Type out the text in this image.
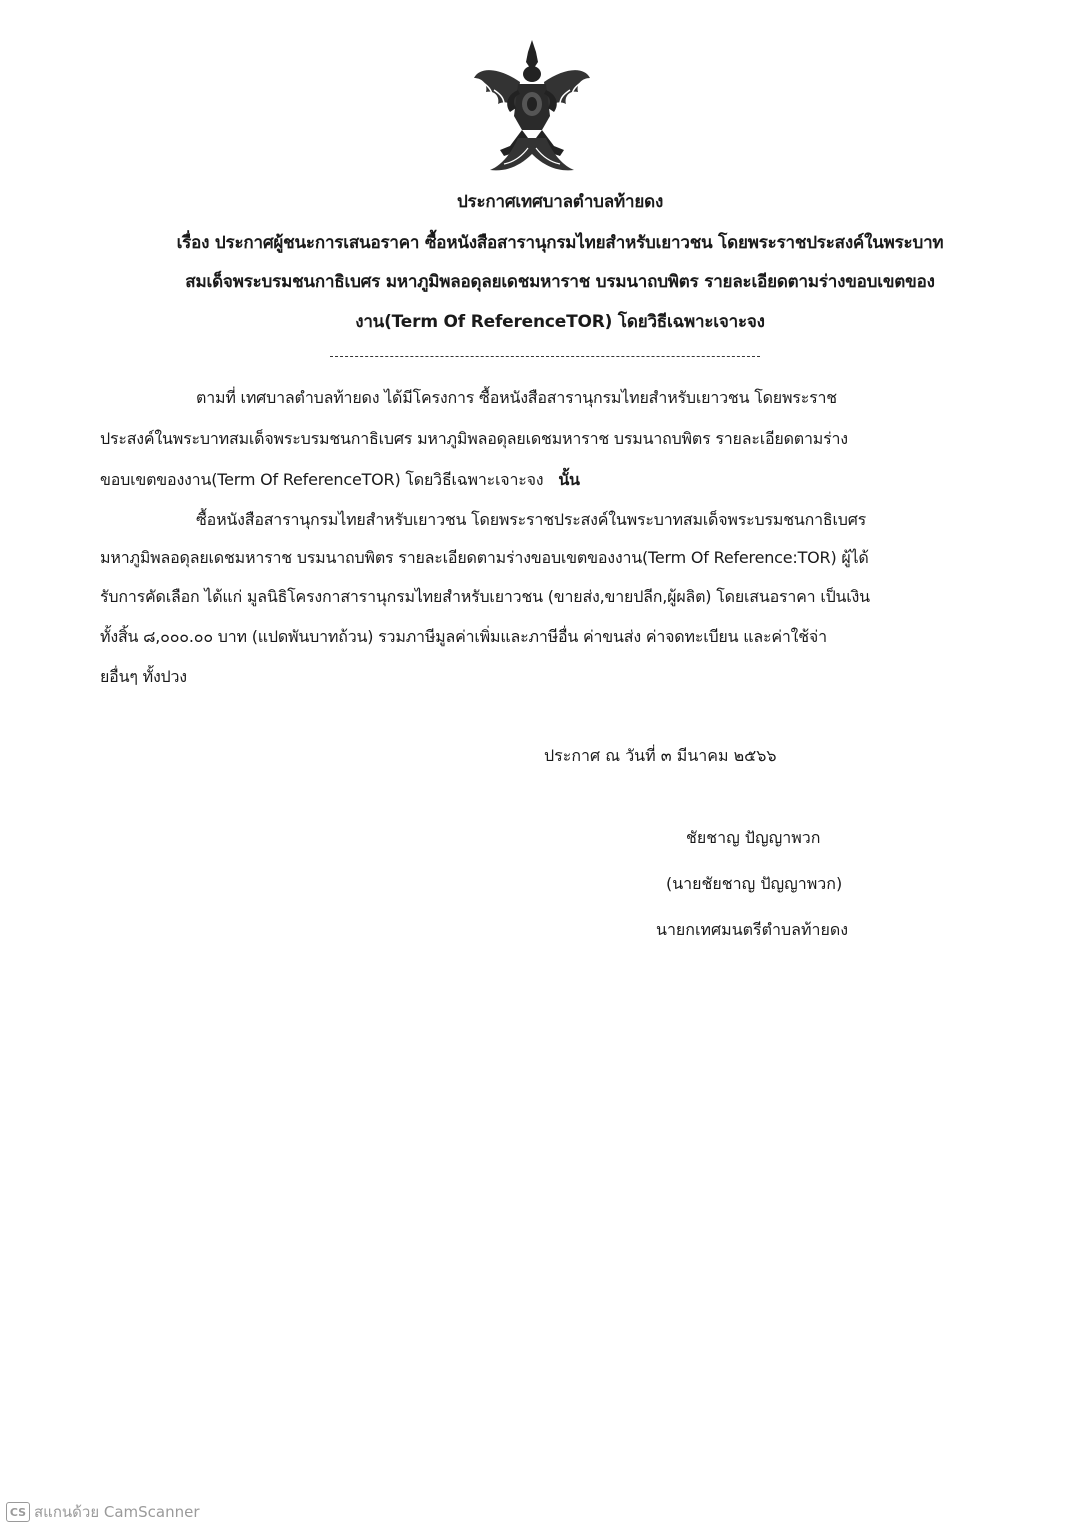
ประกาศเทศบาลตำบลท้ายดง
เรื่อง ประกาศผู้ชนะการเสนอราคา ซื้อหนังสือสารานุกรมไทยสำหรับเยาวชน โดยพระราชประสงค์ในพระบาท
สมเด็จพระบรมชนกาธิเบศร มหาภูมิพลอดุลยเดชมหาราช บรมนาถบพิตร รายละเอียดตามร่างขอบเขตของ
งาน(Term Of ReferenceTOR) โดยวิธีเฉพาะเจาะจง
ตามที่ เทศบาลตำบลท้ายดง ได้มีโครงการ ซื้อหนังสือสารานุกรมไทยสำหรับเยาวชน โดยพระราช
ประสงค์ในพระบาทสมเด็จพระบรมชนกาธิเบศร มหาภูมิพลอดุลยเดชมหาราช บรมนาถบพิตร รายละเอียดตามร่าง
ขอบเขตของงาน(Term Of ReferenceTOR) โดยวิธีเฉพาะเจาะจง นั้น
ซื้อหนังสือสารานุกรมไทยสำหรับเยาวชน โดยพระราชประสงค์ในพระบาทสมเด็จพระบรมชนกาธิเบศร
มหาภูมิพลอดุลยเดชมหาราช บรมนาถบพิตร รายละเอียดตามร่างขอบเขตของงาน(Term Of Reference:TOR) ผู้ได้
รับการคัดเลือก ได้แก่ มูลนิธิโครงกาสารานุกรมไทยสำหรับเยาวชน (ขายส่ง,ขายปลีก,ผู้ผลิต) โดยเสนอราคา เป็นเงิน
ทั้งสิ้น ๘,๐๐๐.๐๐ บาท (แปดพันบาทถ้วน) รวมภาษีมูลค่าเพิ่มและภาษีอื่น ค่าขนส่ง ค่าจดทะเบียน และค่าใช้จ่า
ยอื่นๆ ทั้งปวง
ประกาศ ณ วันที่ ๓ มีนาคม ๒๕๖๖
ชัยชาญ ปัญญาพวก
(นายชัยชาญ ปัญญาพวก)
นายกเทศมนตรีตำบลท้ายดง
CS สแกนด้วย CamScanner
